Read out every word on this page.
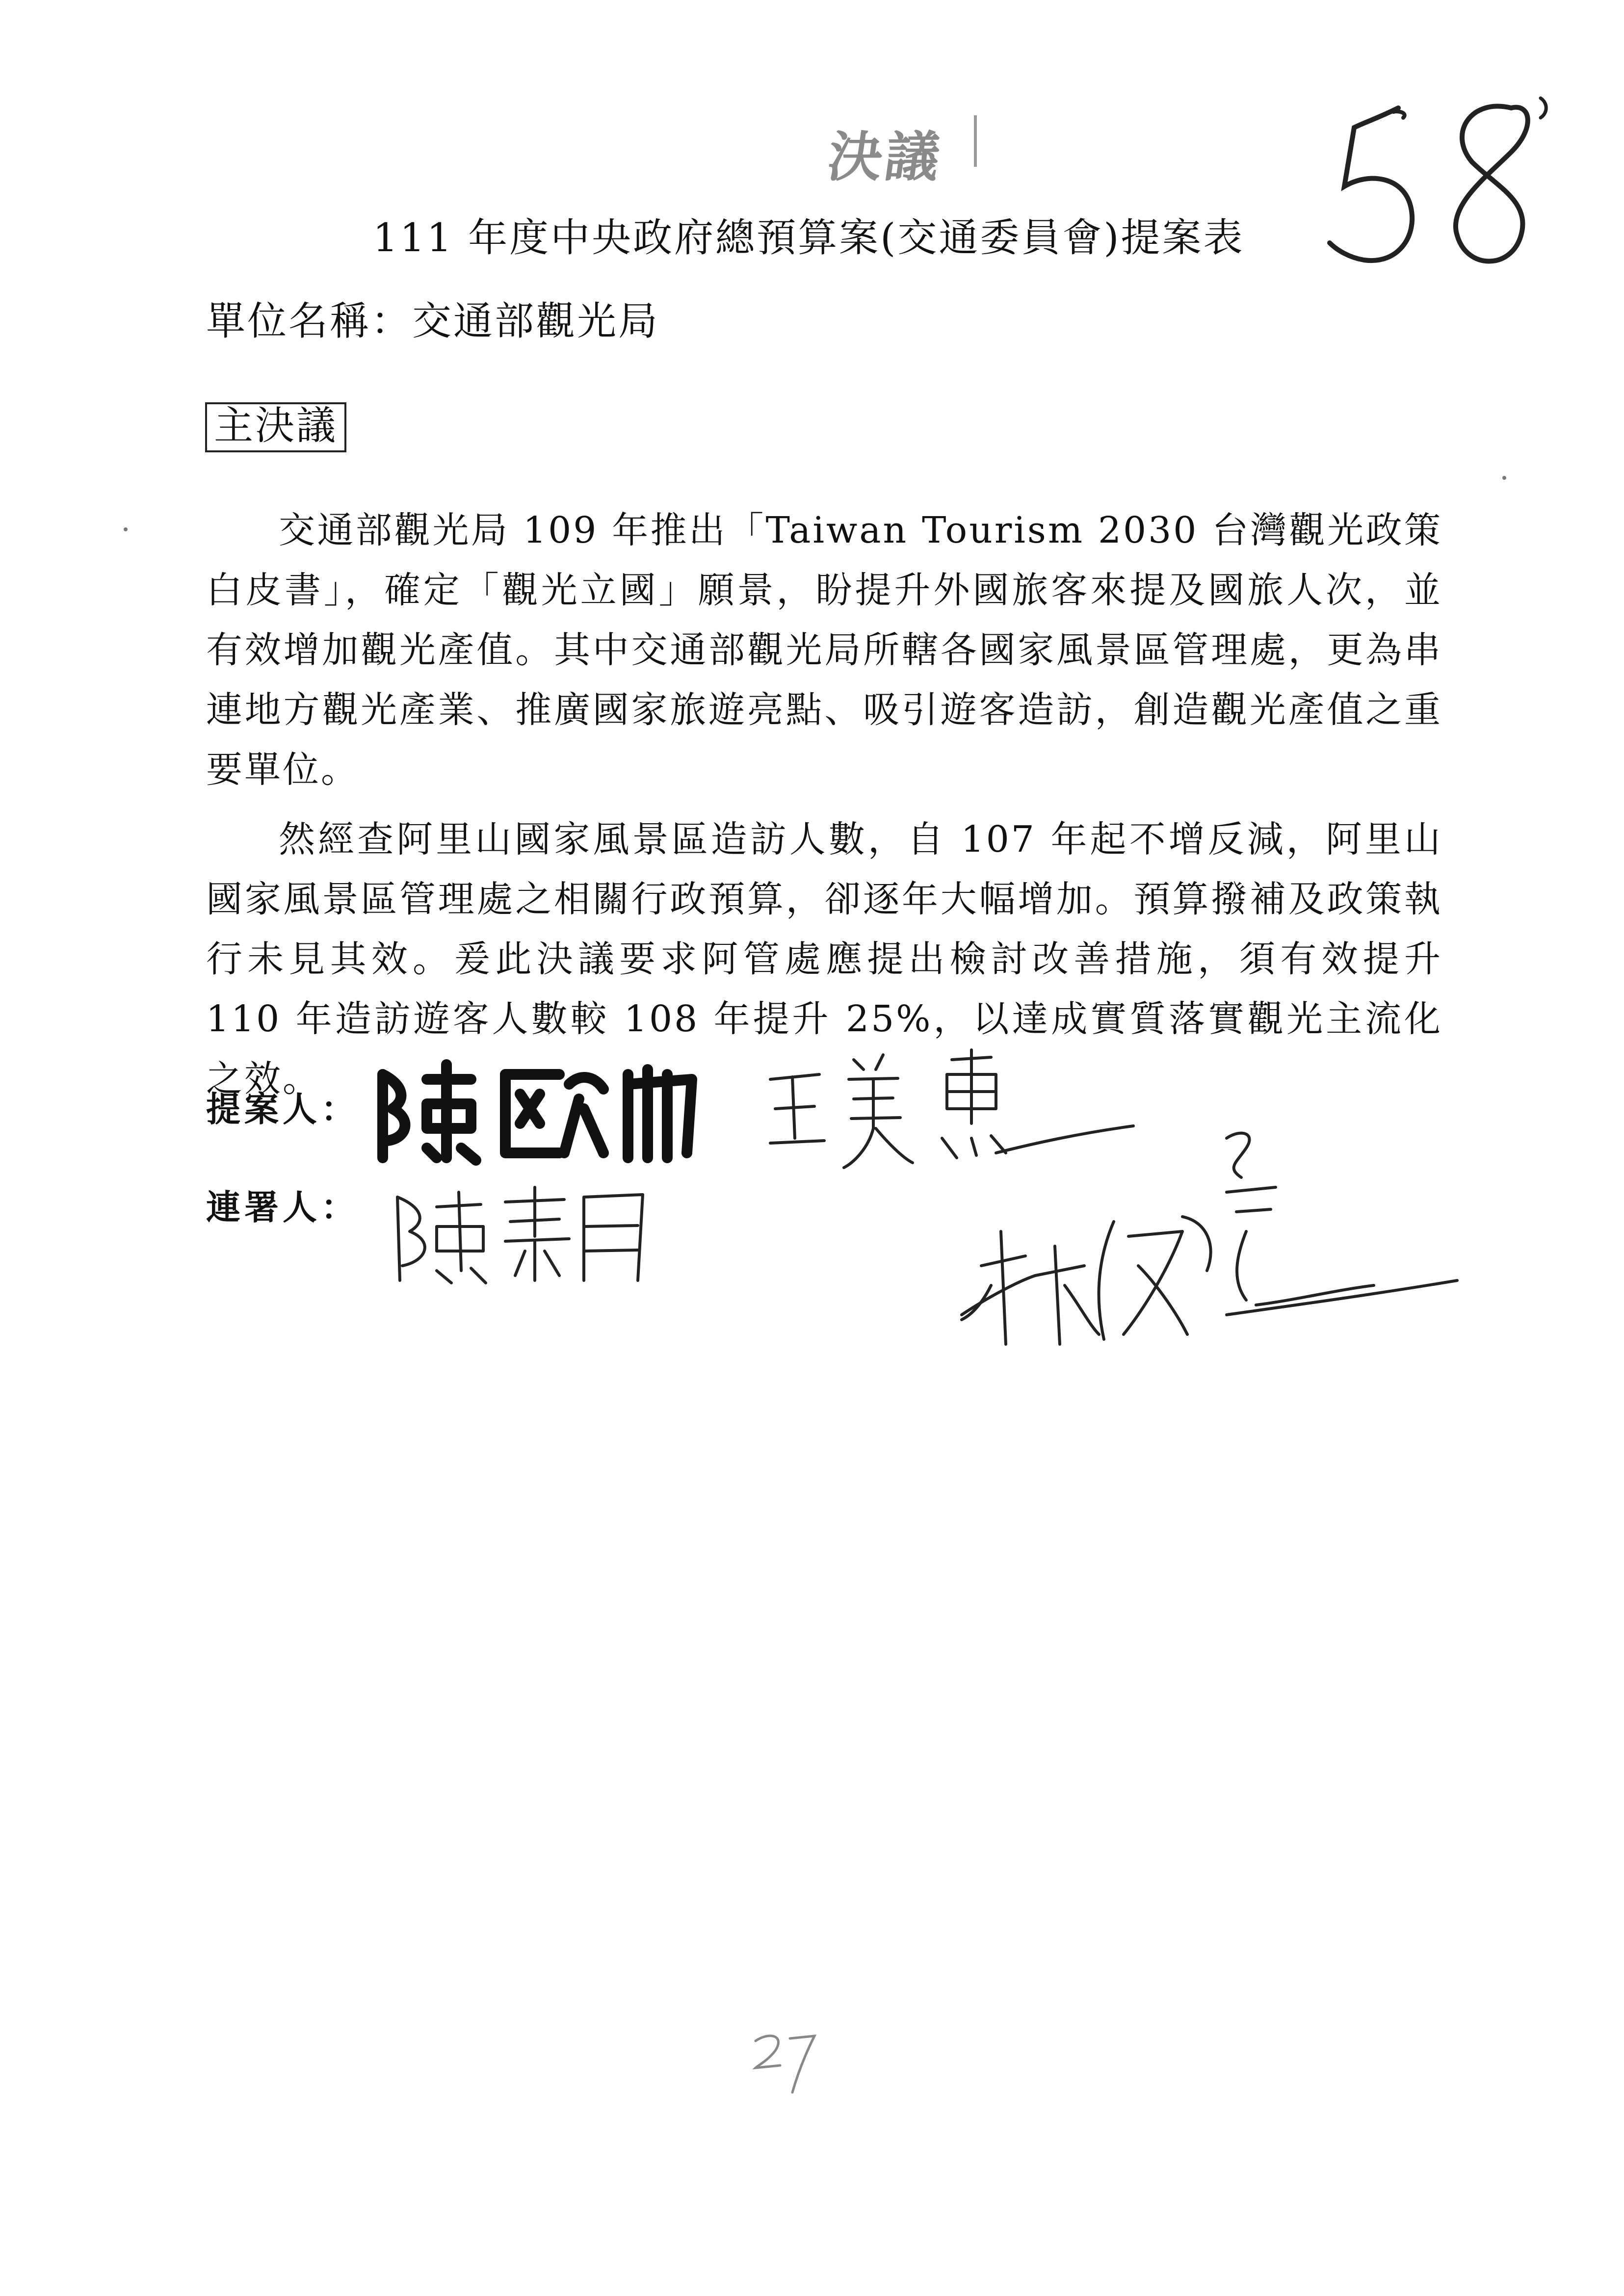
決議
111 年度中央政府總預算案(交通委員會)提案表
單位名稱：交通部觀光局
主決議

交通部觀光局 109 年推出「Taiwan Tourism 2030 台灣觀光政策白皮書」，確定「觀光立國」願景，盼提升外國旅客來提及國旅人次，並有效增加觀光產值。其中交通部觀光局所轄各國家風景區管理處，更為串連地方觀光產業、推廣國家旅遊亮點、吸引遊客造訪，創造觀光產值之重要單位。

然經查阿里山國家風景區造訪人數，自 107 年起不增反減，阿里山國家風景區管理處之相關行政預算，卻逐年大幅增加。預算撥補及政策執行未見其效。爰此決議要求阿管處應提出檢討改善措施，須有效提升 110 年造訪遊客人數較 108 年提升 25%，以達成實質落實觀光主流化之效。

提案人：
連署人：
